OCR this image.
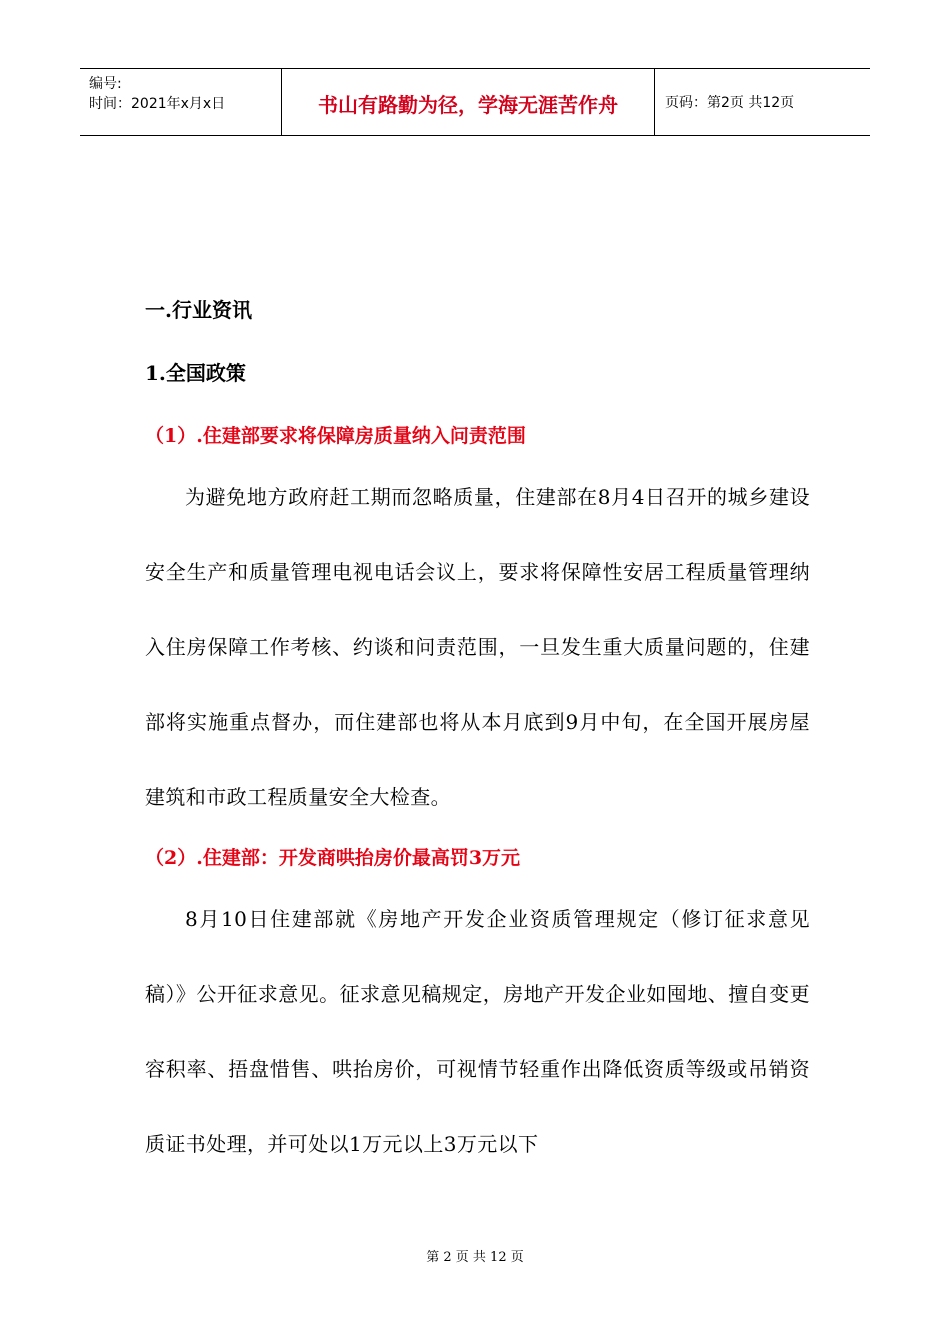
编号:
时间：2021年x月x日	书山有路勤为径，学海无涯苦作舟	页码：第2页 共12页
一.行业资讯
1.全国政策
（1）.住建部要求将保障房质量纳入问责范围

为避免地方政府赶工期而忽略质量，住建部在8月4日召开的城乡建设安全生产和质量管理电视电话会议上，要求将保障性安居工程质量管理纳入住房保障工作考核、约谈和问责范围，一旦发生重大质量问题的，住建部将实施重点督办，而住建部也将从本月底到9月中旬，在全国开展房屋建筑和市政工程质量安全大检查。

（2）.住建部：开发商哄抬房价最高罚3万元

8月10日住建部就《房地产开发企业资质管理规定（修订征求意见稿）》公开征求意见。征求意见稿规定，房地产开发企业如囤地、擅自变更容积率、捂盘惜售、哄抬房价，可视情节轻重作出降低资质等级或吊销资质证书处理，并可处以1万元以上3万元以下

第 2 页 共 12 页
